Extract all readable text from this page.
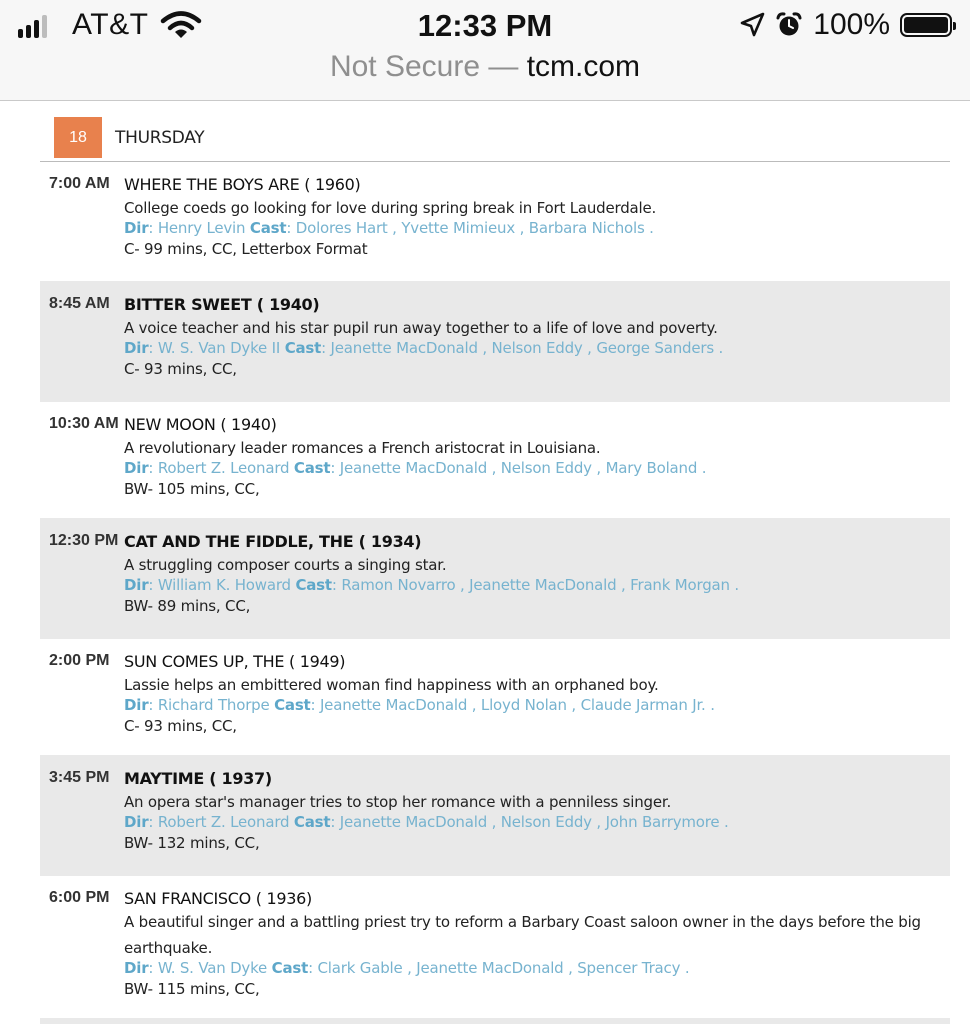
AT&T	12:33 PM	100%
Not Secure — tcm.com
18	THURSDAY
7:00 AM WHERE THE BOYS ARE ( 1960)
College coeds go looking for love during spring break in Fort Lauderdale.
Dir: Henry Levin Cast: Dolores Hart , Yvette Mimieux , Barbara Nichols .
C- 99 mins, CC, Letterbox Format
8:45 AM BITTER SWEET ( 1940)
A voice teacher and his star pupil run away together to a life of love and poverty.
Dir: W. S. Van Dyke II Cast: Jeanette MacDonald , Nelson Eddy , George Sanders .
C- 93 mins, CC,
10:30 AM NEW MOON ( 1940)
A revolutionary leader romances a French aristocrat in Louisiana.
Dir: Robert Z. Leonard Cast: Jeanette MacDonald , Nelson Eddy , Mary Boland .
BW- 105 mins, CC,
12:30 PM CAT AND THE FIDDLE, THE ( 1934)
A struggling composer courts a singing star.
Dir: William K. Howard Cast: Ramon Novarro , Jeanette MacDonald , Frank Morgan .
BW- 89 mins, CC,
2:00 PM SUN COMES UP, THE ( 1949)
Lassie helps an embittered woman find happiness with an orphaned boy.
Dir: Richard Thorpe Cast: Jeanette MacDonald , Lloyd Nolan , Claude Jarman Jr. .
C- 93 mins, CC,
3:45 PM MAYTIME ( 1937)
An opera star's manager tries to stop her romance with a penniless singer.
Dir: Robert Z. Leonard Cast: Jeanette MacDonald , Nelson Eddy , John Barrymore .
BW- 132 mins, CC,
6:00 PM SAN FRANCISCO ( 1936)
A beautiful singer and a battling priest try to reform a Barbary Coast saloon owner in the days before the big earthquake.
Dir: W. S. Van Dyke Cast: Clark Gable , Jeanette MacDonald , Spencer Tracy .
BW- 115 mins, CC,
